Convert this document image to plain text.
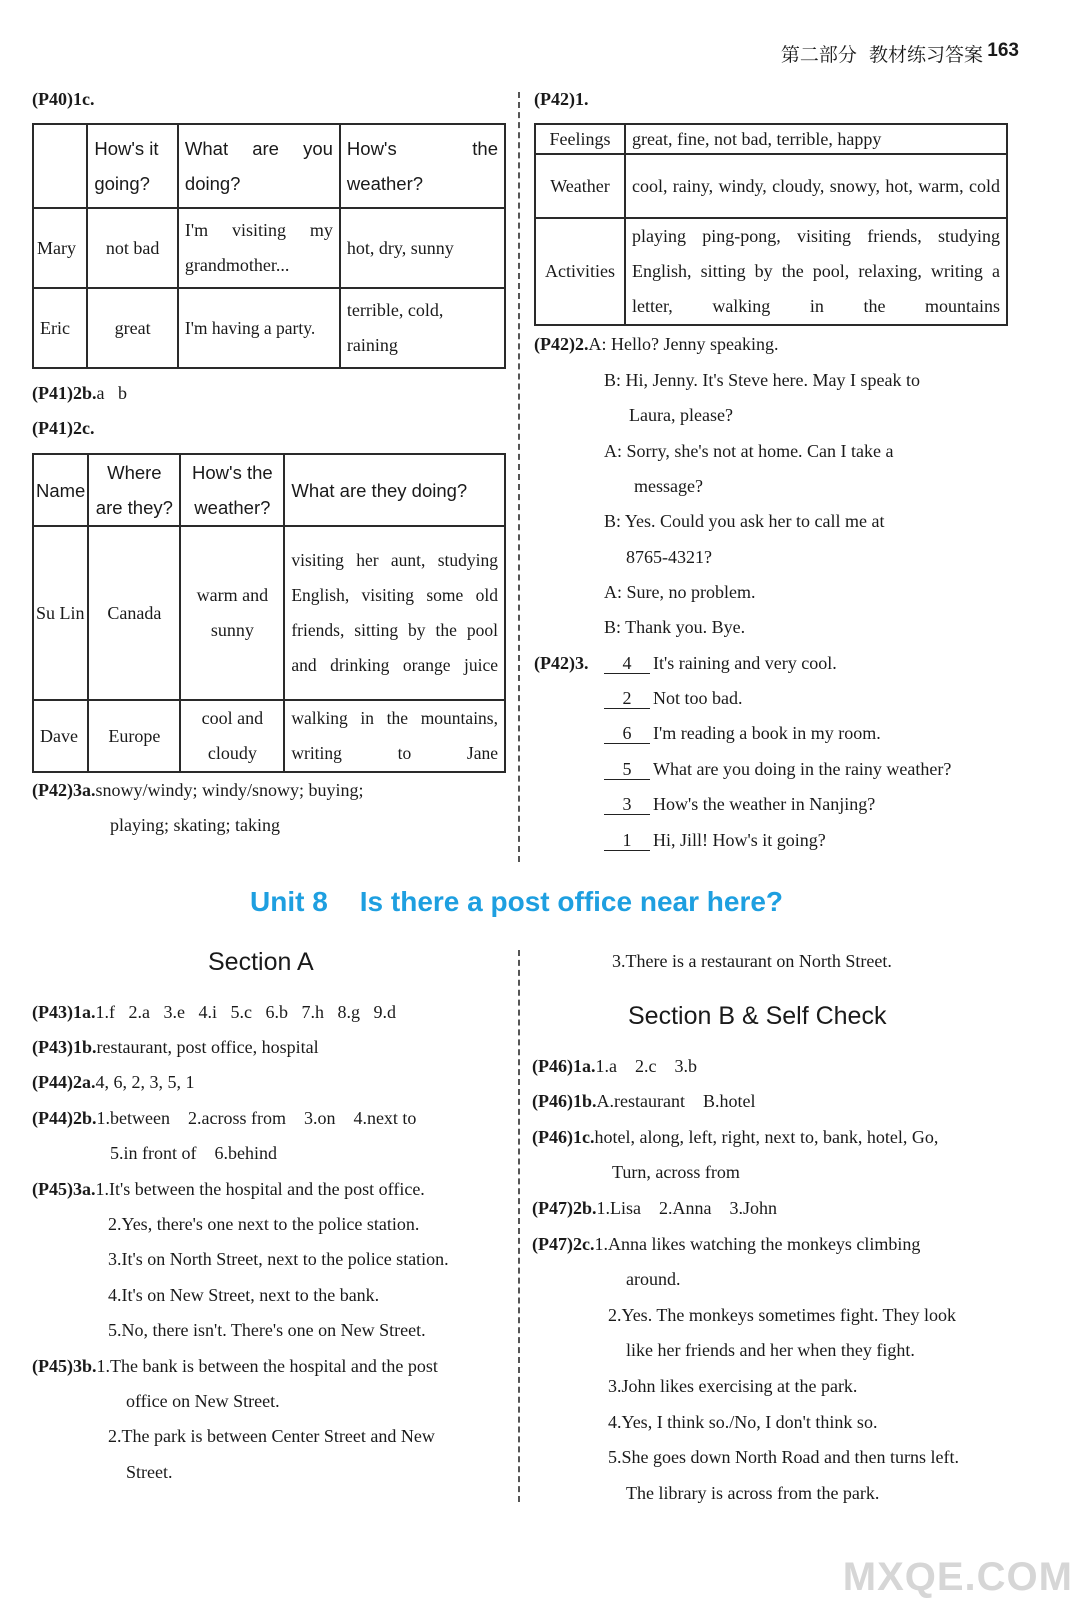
第二部分 教材练习答案 163
(P40)1c.
	How's it going?	What are you doing?	How's the weather?
Mary	not bad	I'm visiting my grandmother...	hot, dry, sunny
Eric	great	I'm having a party.	terrible, cold, raining
(P41)2b.a   b
(P41)2c.
Name	Where are they?	How's the weather?	What are they doing?
Su Lin	Canada	warm and sunny	visiting her aunt, studying English, visiting some old friends, sitting by the pool and drinking orange juice
Dave	Europe	cool and cloudy	walking in the mountains, writing to Jane
(P42)3a.snowy/windy; windy/snowy; buying;
playing; skating; taking
(P42)1.
Feelings	great, fine, not bad, terrible, happy
Weather	cool, rainy, windy, cloudy, snowy, hot, warm, cold
Activities	playing ping-pong, visiting friends, studying English, sitting by the pool, relaxing, writing a letter, walking in the mountains
(P42)2.A: Hello? Jenny speaking.
B: Hi, Jenny. It's Steve here. May I speak to
Laura, please?
A: Sorry, she's not at home. Can I take a
message?
B: Yes. Could you ask her to call me at
8765-4321?
A: Sure, no problem.
B: Thank you. Bye.
(P42)3.	4 It's raining and very cool.
2 Not too bad.
6 I'm reading a book in my room.
5 What are you doing in the rainy weather?
3 How's the weather in Nanjing?
1 Hi, Jill! How's it going?
Unit 8 Is there a post office near here?
Section A
(P43)1a.1.f   2.a   3.e   4.i   5.c   6.b   7.h   8.g   9.d
(P43)1b.restaurant, post office, hospital
(P44)2a.4, 6, 2, 3, 5, 1
(P44)2b.1.between    2.across from    3.on    4.next to
5.in front of    6.behind
(P45)3a.1.It's between the hospital and the post office.
2.Yes, there's one next to the police station.
3.It's on North Street, next to the police station.
4.It's on New Street, next to the bank.
5.No, there isn't. There's one on New Street.
(P45)3b.1.The bank is between the hospital and the post
office on New Street.
2.The park is between Center Street and New
Street.
3.There is a restaurant on North Street.
Section B & Self Check
(P46)1a.1.a    2.c    3.b
(P46)1b.A.restaurant    B.hotel
(P46)1c.hotel, along, left, right, next to, bank, hotel, Go,
Turn, across from
(P47)2b.1.Lisa    2.Anna    3.John
(P47)2c.1.Anna likes watching the monkeys climbing
around.
2.Yes. The monkeys sometimes fight. They look
like her friends and her when they fight.
3.John likes exercising at the park.
4.Yes, I think so./No, I don't think so.
5.She goes down North Road and then turns left.
The library is across from the park.
MXQE.COM
